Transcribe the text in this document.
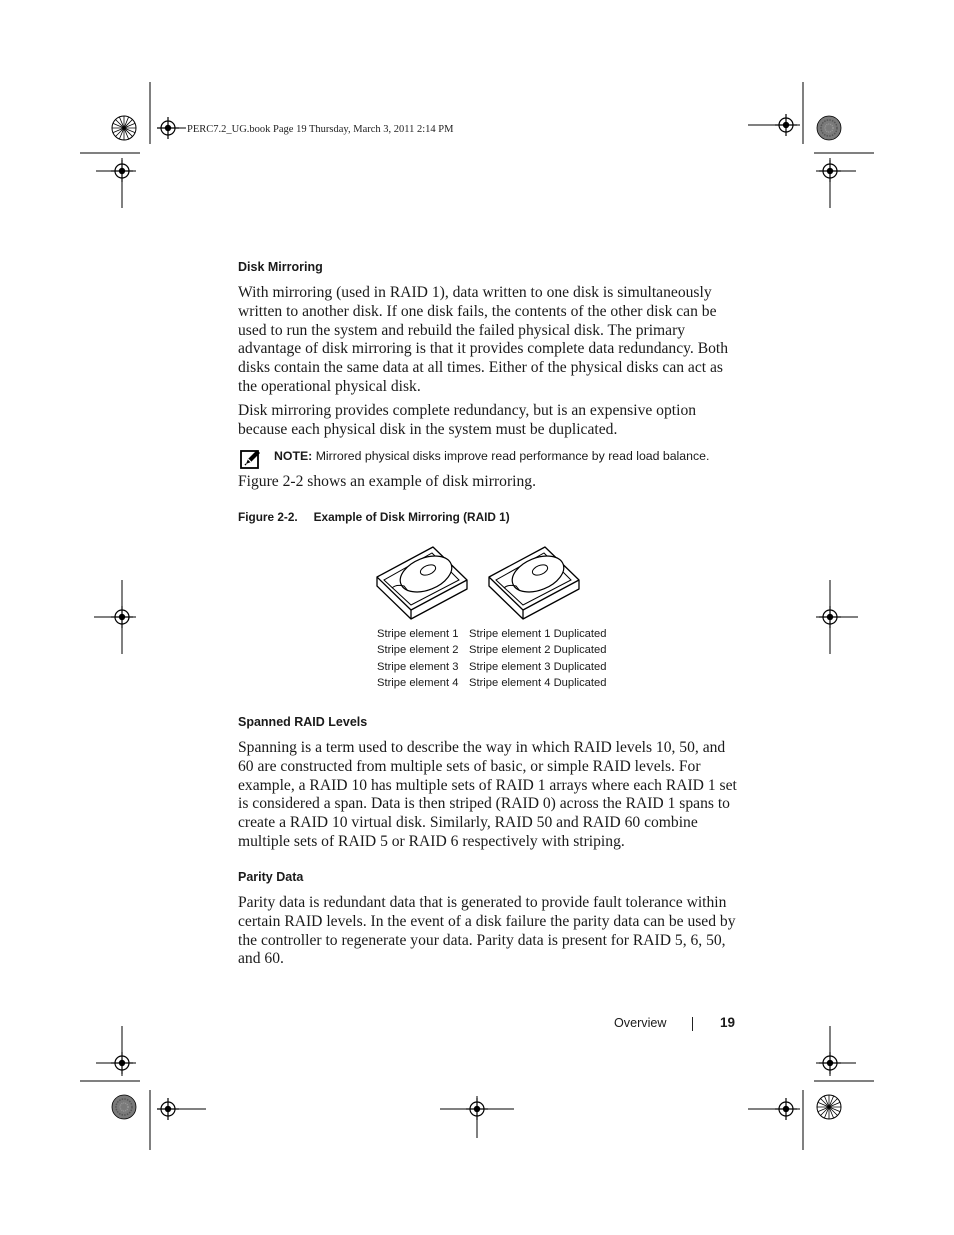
PERC7.2_UG.book Page 19 Thursday, March 3, 2011 2:14 PM
Disk Mirroring

With mirroring (used in RAID 1), data written to one disk is simultaneously written to another disk. If one disk fails, the contents of the other disk can be used to run the system and rebuild the failed physical disk. The primary advantage of disk mirroring is that it provides complete data redundancy. Both disks contain the same data at all times. Either of the physical disks can act as the operational physical disk.

Disk mirroring provides complete redundancy, but is an expensive option because each physical disk in the system must be duplicated.

NOTE: Mirrored physical disks improve read performance by read load balance.

Figure 2-2 shows an example of disk mirroring.

Figure 2-2. Example of Disk Mirroring (RAID 1)
Stripe element 1
Stripe element 2
Stripe element 3
Stripe element 4
Stripe element 1 Duplicated
Stripe element 2 Duplicated
Stripe element 3 Duplicated
Stripe element 4 Duplicated
Spanned RAID Levels

Spanning is a term used to describe the way in which RAID levels 10, 50, and 60 are constructed from multiple sets of basic, or simple RAID levels. For example, a RAID 10 has multiple sets of RAID 1 arrays where each RAID 1 set is considered a span. Data is then striped (RAID 0) across the RAID 1 spans to create a RAID 10 virtual disk. Similarly, RAID 50 and RAID 60 combine multiple sets of RAID 5 or RAID 6 respectively with striping.

Parity Data

Parity data is redundant data that is generated to provide fault tolerance within certain RAID levels. In the event of a disk failure the parity data can be used by the controller to regenerate your data. Parity data is present for RAID 5, 6, 50, and 60.

Overview	19
